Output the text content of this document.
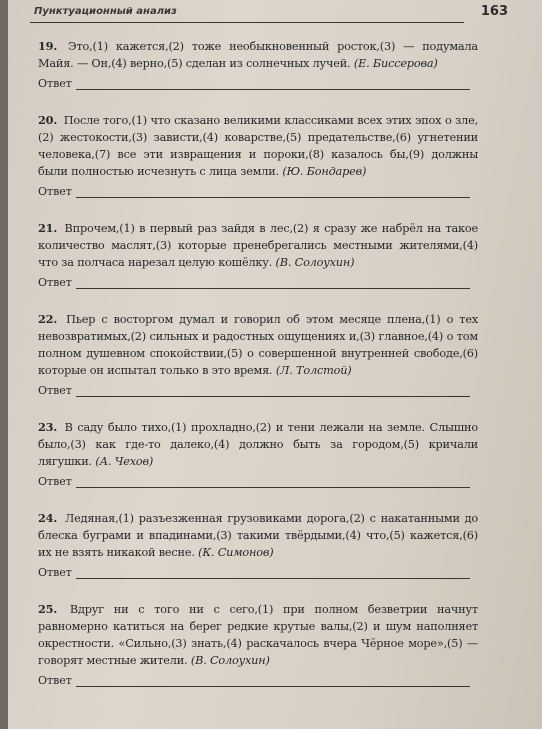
Пунктуационный анализ	163

19. Это,(1) кажется,(2) тоже необыкновенный росток,(3) — подумала Майя. — Он,(4) верно,(5) сделан из солнечных лучей. (Е. Биссерова)

Ответ

20. После того,(1) что сказано великими классиками всех этих эпох о зле,(2) жестокости,(3) зависти,(4) коварстве,(5) предательстве,(6) угнетении человека,(7) все эти извращения и пороки,(8) казалось бы,(9) должны были полностью исчезнуть с лица земли. (Ю. Бондарев)

Ответ

21. Впрочем,(1) в первый раз зайдя в лес,(2) я сразу же набрёл на такое количество маслят,(3) которые пренебрегались местными жителями,(4) что за полчаса нарезал целую кошёлку. (В. Солоухин)

Ответ

22. Пьер с восторгом думал и говорил об этом месяце плена,(1) о тех невозвратимых,(2) сильных и радостных ощущениях и,(3) главное,(4) о том полном душевном спокойствии,(5) о совершенной внутренней свободе,(6) которые он испытал только в это время. (Л. Толстой)

Ответ

23. В саду было тихо,(1) прохладно,(2) и тени лежали на земле. Слышно было,(3) как где-то далеко,(4) должно быть за городом,(5) кричали лягушки. (А. Чехов)

Ответ

24. Ледяная,(1) разъезженная грузовиками дорога,(2) с накатанными до блеска буграми и впадинами,(3) такими твёрдыми,(4) что,(5) кажется,(6) их не взять никакой весне. (К. Симонов)

Ответ

25. Вдруг ни с того ни с сего,(1) при полном безветрии начнут равномерно катиться на берег редкие крутые валы,(2) и шум наполняет окрестности. «Сильно,(3) знать,(4) раскачалось вчера Чёрное море»,(5) — говорят местные жители. (В. Солоухин)

Ответ
